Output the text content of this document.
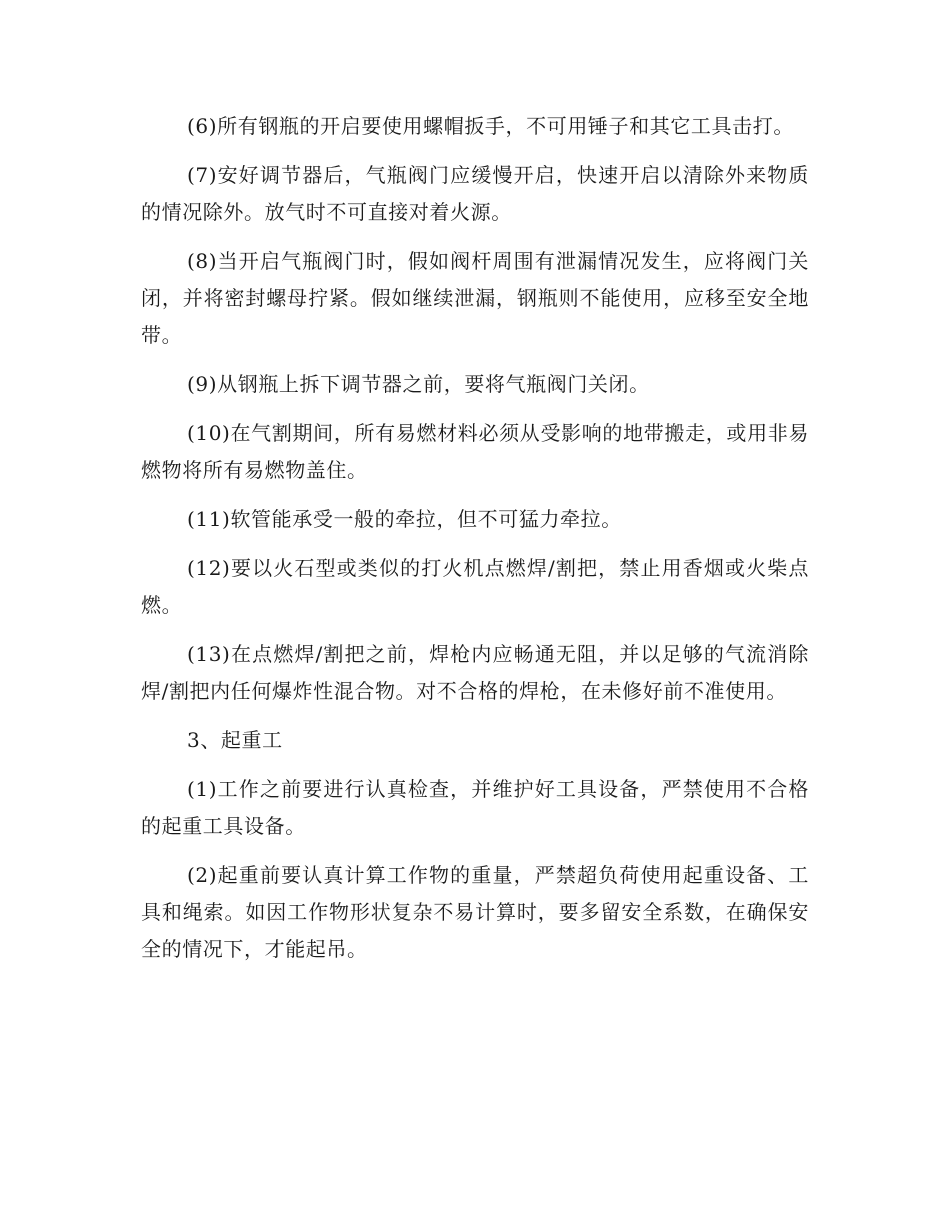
(6)所有钢瓶的开启要使用螺帽扳手，不可用锤子和其它工具击打。

(7)安好调节器后，气瓶阀门应缓慢开启，快速开启以清除外来物质的情况除外。放气时不可直接对着火源。

(8)当开启气瓶阀门时，假如阀杆周围有泄漏情况发生，应将阀门关闭，并将密封螺母拧紧。假如继续泄漏，钢瓶则不能使用，应移至安全地带。

(9)从钢瓶上拆下调节器之前，要将气瓶阀门关闭。

(10)在气割期间，所有易燃材料必须从受影响的地带搬走，或用非易燃物将所有易燃物盖住。

(11)软管能承受一般的牵拉，但不可猛力牵拉。

(12)要以火石型或类似的打火机点燃焊/割把，禁止用香烟或火柴点燃。

(13)在点燃焊/割把之前，焊枪内应畅通无阻，并以足够的气流消除焊/割把内任何爆炸性混合物。对不合格的焊枪，在未修好前不准使用。

3、起重工

(1)工作之前要进行认真检查，并维护好工具设备，严禁使用不合格的起重工具设备。

(2)起重前要认真计算工作物的重量，严禁超负荷使用起重设备、工具和绳索。如因工作物形状复杂不易计算时，要多留安全系数，在确保安全的情况下，才能起吊。
